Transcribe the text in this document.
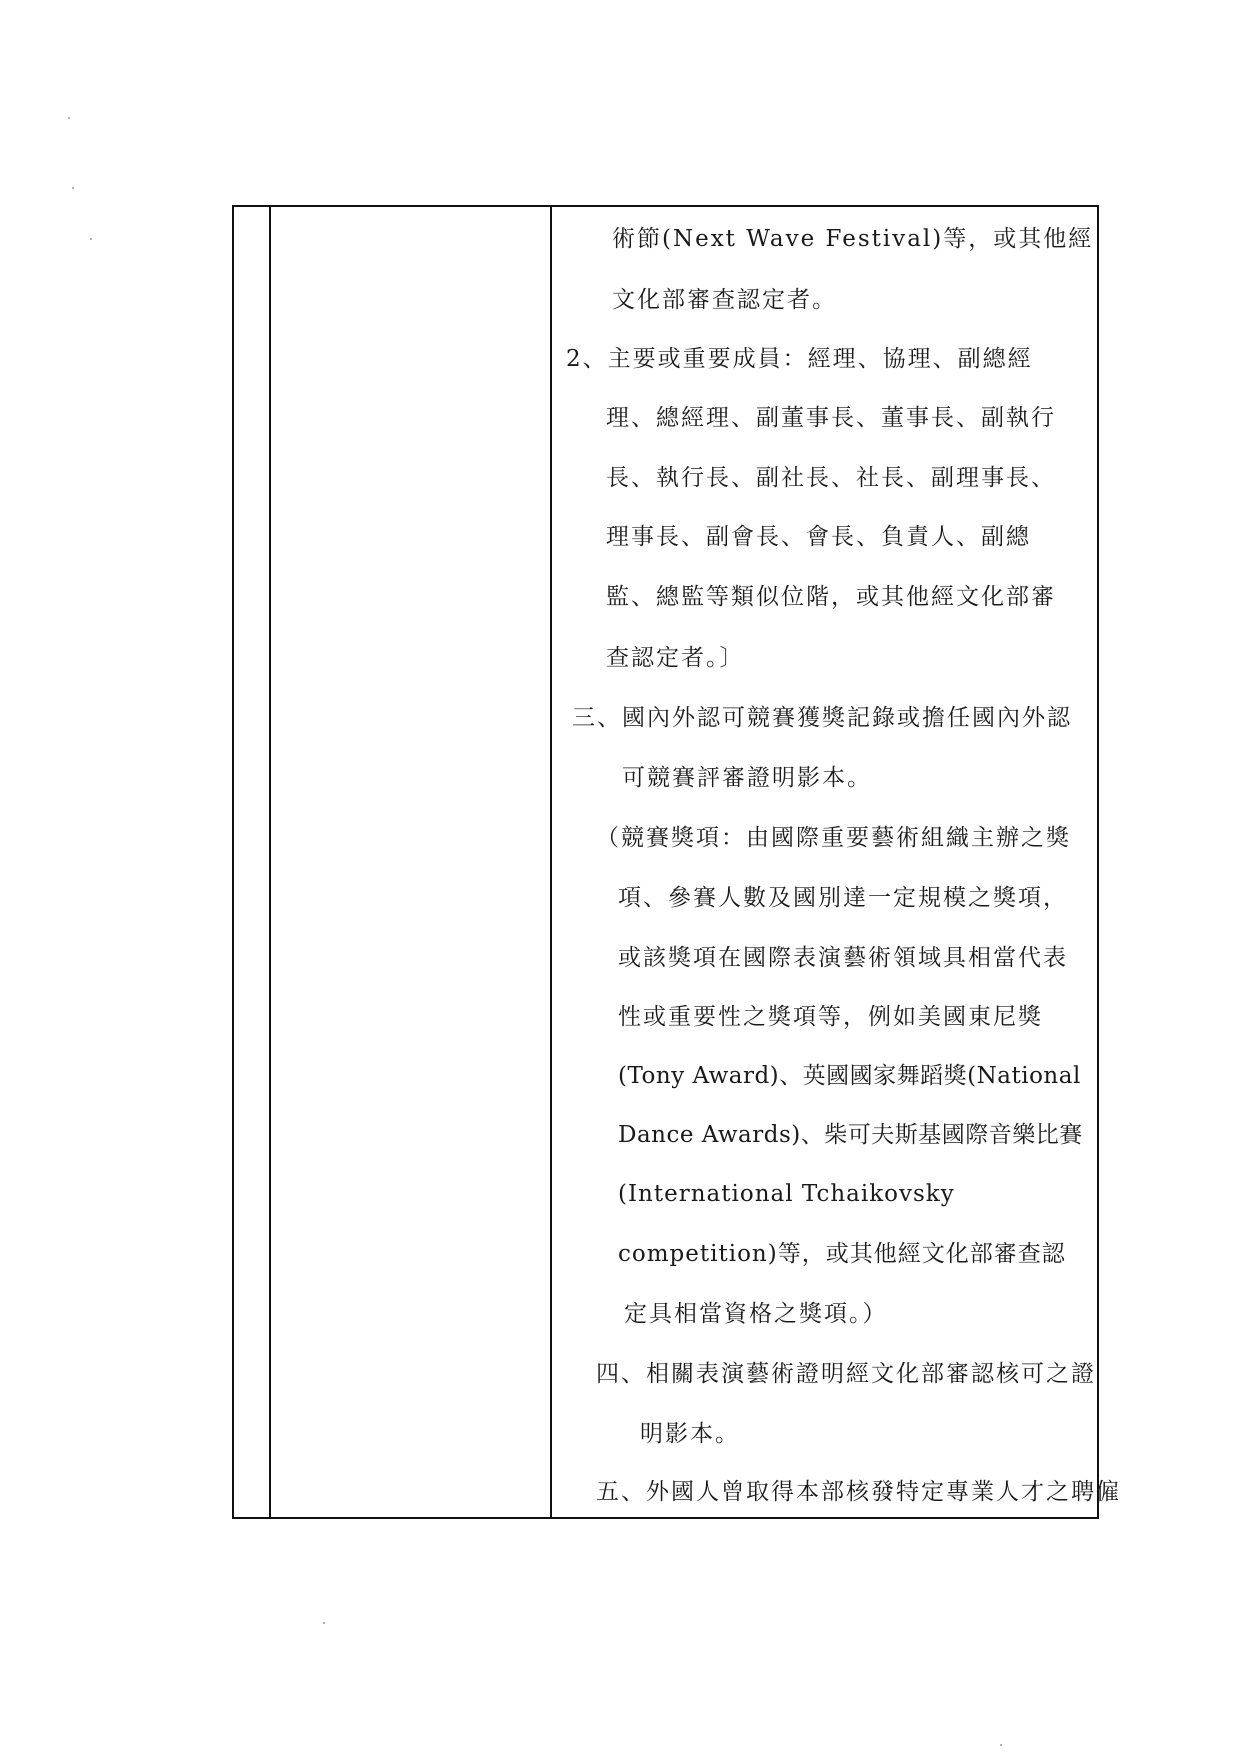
術節(Next Wave Festival)等，或其他經
文化部審查認定者。
2、主要或重要成員：經理、協理、副總經
理、總經理、副董事長、董事長、副執行
長、執行長、副社長、社長、副理事長、
理事長、副會長、會長、負責人、副總
監、總監等類似位階，或其他經文化部審
查認定者。〕
三、國內外認可競賽獲獎記錄或擔任國內外認
可競賽評審證明影本。
（競賽獎項：由國際重要藝術組織主辦之獎
項、參賽人數及國別達一定規模之獎項，
或該獎項在國際表演藝術領域具相當代表
性或重要性之獎項等，例如美國東尼獎
(Tony Award)、英國國家舞蹈獎(National
Dance Awards)、柴可夫斯基國際音樂比賽
(International Tchaikovsky
competition)等，或其他經文化部審查認
定具相當資格之獎項。）
四、相關表演藝術證明經文化部審認核可之證
明影本。
五、外國人曾取得本部核發特定專業人才之聘僱
